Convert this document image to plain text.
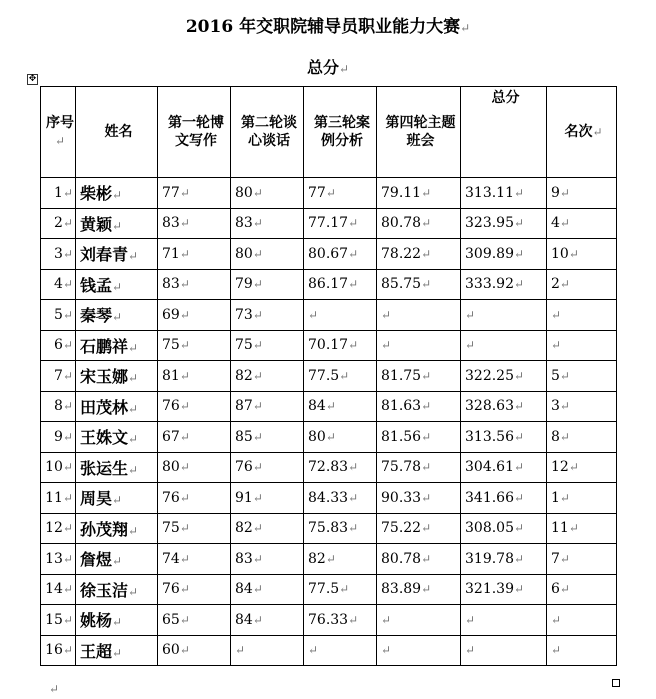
2016 年交职院辅导员职业能力大赛↵
总分↵
✥
序号↵	姓名	第一轮博文写作	第二轮谈心谈话	第三轮案例分析	第四轮主题班会	总分	名次↵
1↵	柴彬↵	77↵	80↵	77↵	79.11↵	313.11↵	9↵
2↵	黄颖↵	83↵	83↵	77.17↵	80.78↵	323.95↵	4↵
3↵	刘春青↵	71↵	80↵	80.67↵	78.22↵	309.89↵	10↵
4↵	钱孟↵	83↵	79↵	86.17↵	85.75↵	333.92↵	2↵
5↵	秦琴↵	69↵	73↵	↵	↵	↵	↵
6↵	石鹏祥↵	75↵	75↵	70.17↵	↵	↵	↵
7↵	宋玉娜↵	81↵	82↵	77.5↵	81.75↵	322.25↵	5↵
8↵	田茂林↵	76↵	87↵	84↵	81.63↵	328.63↵	3↵
9↵	王姝文↵	67↵	85↵	80↵	81.56↵	313.56↵	8↵
10↵	张运生↵	80↵	76↵	72.83↵	75.78↵	304.61↵	12↵
11↵	周昊↵	76↵	91↵	84.33↵	90.33↵	341.66↵	1↵
12↵	孙茂翔↵	75↵	82↵	75.83↵	75.22↵	308.05↵	11↵
13↵	詹煜↵	74↵	83↵	82↵	80.78↵	319.78↵	7↵
14↵	徐玉洁↵	76↵	84↵	77.5↵	83.89↵	321.39↵	6↵
15↵	姚杨↵	65↵	84↵	76.33↵	↵	↵	↵
16↵	王超↵	60↵	↵	↵	↵	↵	↵
↵
